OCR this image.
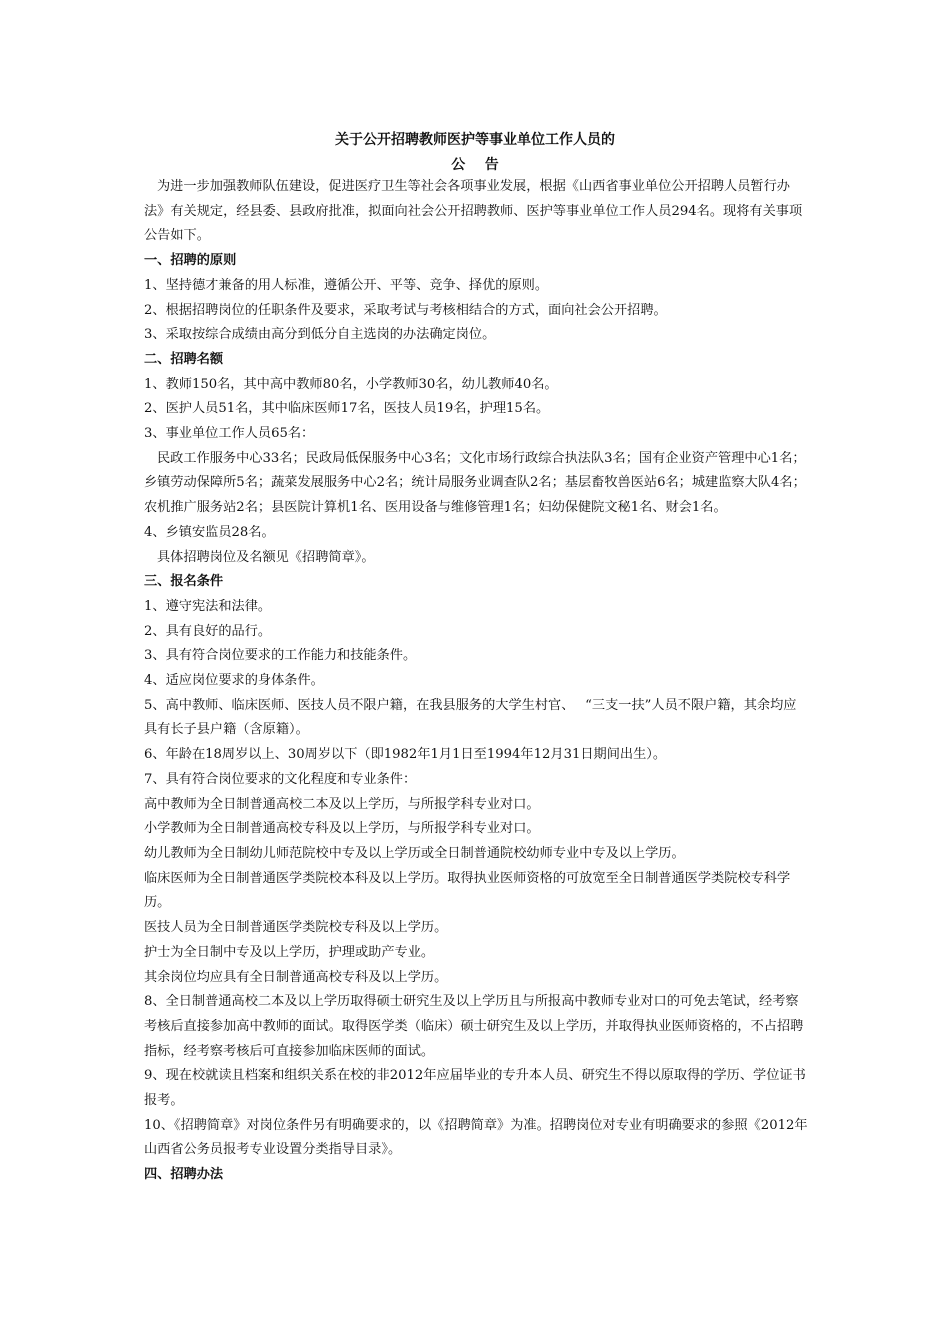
关于公开招聘教师医护等事业单位工作人员的
公告
为进一步加强教师队伍建设，促进医疗卫生等社会各项事业发展，根据《山西省事业单位公开招聘人员暂行办法》有关规定，经县委、县政府批准，拟面向社会公开招聘教师、医护等事业单位工作人员294名。现将有关事项公告如下。
一、招聘的原则
1、坚持德才兼备的用人标准，遵循公开、平等、竞争、择优的原则。
2、根据招聘岗位的任职条件及要求，采取考试与考核相结合的方式，面向社会公开招聘。
3、采取按综合成绩由高分到低分自主选岗的办法确定岗位。
二、招聘名额
1、教师150名，其中高中教师80名，小学教师30名，幼儿教师40名。
2、医护人员51名，其中临床医师17名，医技人员19名，护理15名。
3、事业单位工作人员65名：
民政工作服务中心33名；民政局低保服务中心3名；文化市场行政综合执法队3名；国有企业资产管理中心1名；乡镇劳动保障所5名；蔬菜发展服务中心2名；统计局服务业调查队2名；基层畜牧兽医站6名；城建监察大队4名；农机推广服务站2名；县医院计算机1名、医用设备与维修管理1名；妇幼保健院文秘1名、财会1名。
4、乡镇安监员28名。
具体招聘岗位及名额见《招聘简章》。
三、报名条件
1、遵守宪法和法律。
2、具有良好的品行。
3、具有符合岗位要求的工作能力和技能条件。
4、适应岗位要求的身体条件。
5、高中教师、临床医师、医技人员不限户籍，在我县服务的大学生村官、　 “三支一扶”人员不限户籍，其余均应具有长子县户籍（含原籍）。
6、年龄在18周岁以上、30周岁以下（即1982年1月1日至1994年12月31日期间出生）。
7、具有符合岗位要求的文化程度和专业条件：
高中教师为全日制普通高校二本及以上学历，与所报学科专业对口。
小学教师为全日制普通高校专科及以上学历，与所报学科专业对口。
幼儿教师为全日制幼儿师范院校中专及以上学历或全日制普通院校幼师专业中专及以上学历。
临床医师为全日制普通医学类院校本科及以上学历。取得执业医师资格的可放宽至全日制普通医学类院校专科学历。
医技人员为全日制普通医学类院校专科及以上学历。
护士为全日制中专及以上学历，护理或助产专业。
其余岗位均应具有全日制普通高校专科及以上学历。
8、全日制普通高校二本及以上学历取得硕士研究生及以上学历且与所报高中教师专业对口的可免去笔试，经考察考核后直接参加高中教师的面试。取得医学类（临床）硕士研究生及以上学历，并取得执业医师资格的，不占招聘指标，经考察考核后可直接参加临床医师的面试。
9、现在校就读且档案和组织关系在校的非2012年应届毕业的专升本人员、研究生不得以原取得的学历、学位证书报考。
10、《招聘简章》对岗位条件另有明确要求的，以《招聘简章》为准。招聘岗位对专业有明确要求的参照《2012年山西省公务员报考专业设置分类指导目录》。
四、招聘办法
